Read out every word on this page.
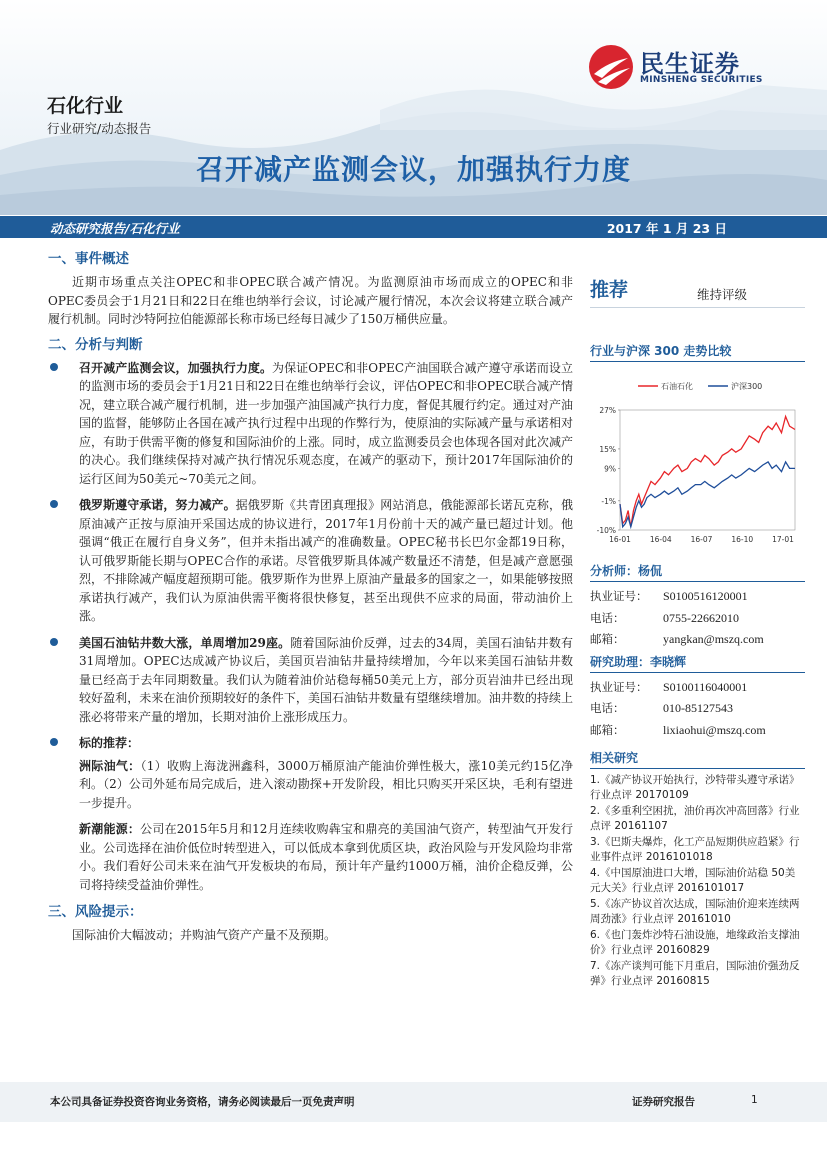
民生证券
MINSHENG SECURITIES
石化行业
行业研究/动态报告
召开减产监测会议，加强执行力度
动态研究报告/石化行业	2017 年 1 月 23 日
一、事件概述

近期市场重点关注OPEC和非OPEC联合减产情况。为监测原油市场而成立的OPEC和非OPEC委员会于1月21日和22日在维也纳举行会议，讨论减产履行情况，本次会议将建立联合减产履行机制。同时沙特阿拉伯能源部长称市场已经每日减少了150万桶供应量。

二、分析与判断
召开减产监测会议，加强执行力度。为保证OPEC和非OPEC产油国联合减产遵守承诺而设立的监测市场的委员会于1月21日和22日在维也纳举行会议，评估OPEC和非OPEC联合减产情况，建立联合减产履行机制，进一步加强产油国减产执行力度，督促其履行约定。通过对产油国的监督，能够防止各国在减产执行过程中出现的作弊行为，使原油的实际减产量与承诺相对应，有助于供需平衡的修复和国际油价的上涨。同时，成立监测委员会也体现各国对此次减产的决心。我们继续保持对减产执行情况乐观态度，在减产的驱动下，预计2017年国际油价的运行区间为50美元~70美元之间。
俄罗斯遵守承诺，努力减产。据俄罗斯《共青团真理报》网站消息，俄能源部长诺瓦克称，俄原油减产正按与原油开采国达成的协议进行，2017年1月份前十天的减产量已超过计划。他强调“俄正在履行自身义务”，但并未指出减产的准确数量。OPEC秘书长巴尔金都19日称，认可俄罗斯能长期与OPEC合作的承诺。尽管俄罗斯具体减产数量还不清楚，但是减产意愿强烈，不排除减产幅度超预期可能。俄罗斯作为世界上原油产量最多的国家之一，如果能够按照承诺执行减产，我们认为原油供需平衡将很快修复，甚至出现供不应求的局面，带动油价上涨。
美国石油钻井数大涨，单周增加29座。随着国际油价反弹，过去的34周，美国石油钻井数有31周增加。OPEC达成减产协议后，美国页岩油钻井量持续增加，今年以来美国石油钻井数量已经高于去年同期数量。我们认为随着油价站稳每桶50美元上方，部分页岩油井已经出现较好盈利，未来在油价预期较好的条件下，美国石油钻井数量有望继续增加。油井数的持续上涨必将带来产量的增加，长期对油价上涨形成压力。
标的推荐：

洲际油气：（1）收购上海泷洲鑫科，3000万桶原油产能油价弹性极大，涨10美元约15亿净利。（2）公司外延布局完成后，进入滚动勘探+开发阶段，相比只购买开采区块，毛利有望进一步提升。

新潮能源：公司在2015年5月和12月连续收购犇宝和鼎亮的美国油气资产，转型油气开发行业。公司选择在油价低位时转型进入，可以低成本拿到优质区块，政治风险与开发风险均非常小。我们看好公司未来在油气开发板块的布局，预计年产量约1000万桶，油价企稳反弹，公司将持续受益油价弹性。

三、风险提示：

国际油价大幅波动；并购油气资产产量不及预期。

推荐	维持评级
行业与沪深 300 走势比较
石油石化	沪深300
27%
15%
9%
-1%
-10%
16-01	16-04	16-07	16-10	17-01
分析师：杨侃
执业证号：	S0100516120001
电话：	0755-22662010
邮箱：	yangkan@mszq.com
研究助理：李晓辉
执业证号：	S0100116040001
电话：	010-85127543
邮箱：	lixiaohui@mszq.com
相关研究
1.《减产协议开始执行，沙特带头遵守承诺》行业点评 20170109
2.《多重利空困扰，油价再次冲高回落》行业点评 20161107
3.《巴斯夫爆炸，化工产品短期供应趋紧》行业事件点评 2016101018
4.《中国原油进口大增，国际油价站稳 50美元大关》行业点评 2016101017
5.《冻产协议首次达成，国际油价迎来连续两周劲涨》行业点评 20161010
6.《也门轰炸沙特石油设施，地缘政治支撑油价》行业点评 20160829
7.《冻产谈判可能下月重启，国际油价强劲反弹》行业点评 20160815
本公司具备证券投资咨询业务资格，请务必阅读最后一页免责声明	证券研究报告	1
